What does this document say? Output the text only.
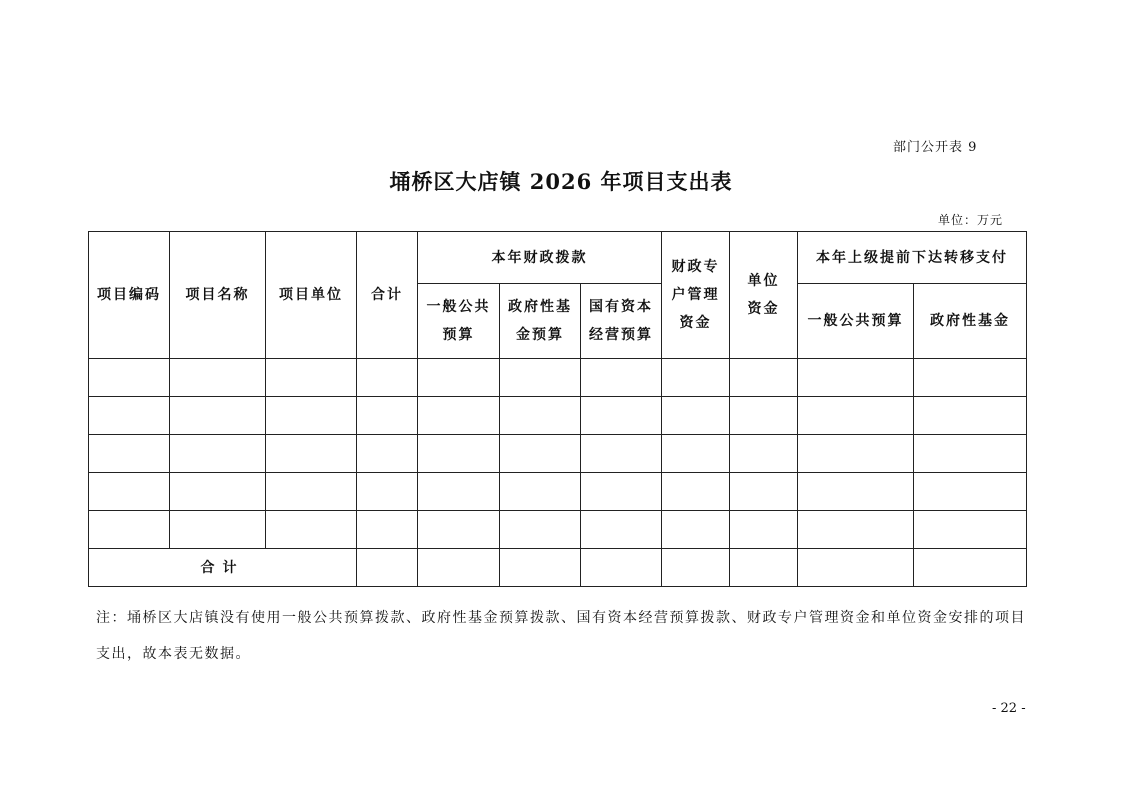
部门公开表 9
埇桥区大店镇 2026 年项目支出表
单位：万元
项目编码	项目名称	项目单位	合计	本年财政拨款			财政专户管理资金	单位资金	本年上级提前下达转移支付	
				一般公共预算	政府性基金预算	国有资本经营预算			一般公共预算	政府性基金

合计										
注：埇桥区大店镇没有使用一般公共预算拨款、政府性基金预算拨款、国有资本经营预算拨款、财政专户管理资金和单位资金安排的项目支出，故本表无数据。
- 22 -
